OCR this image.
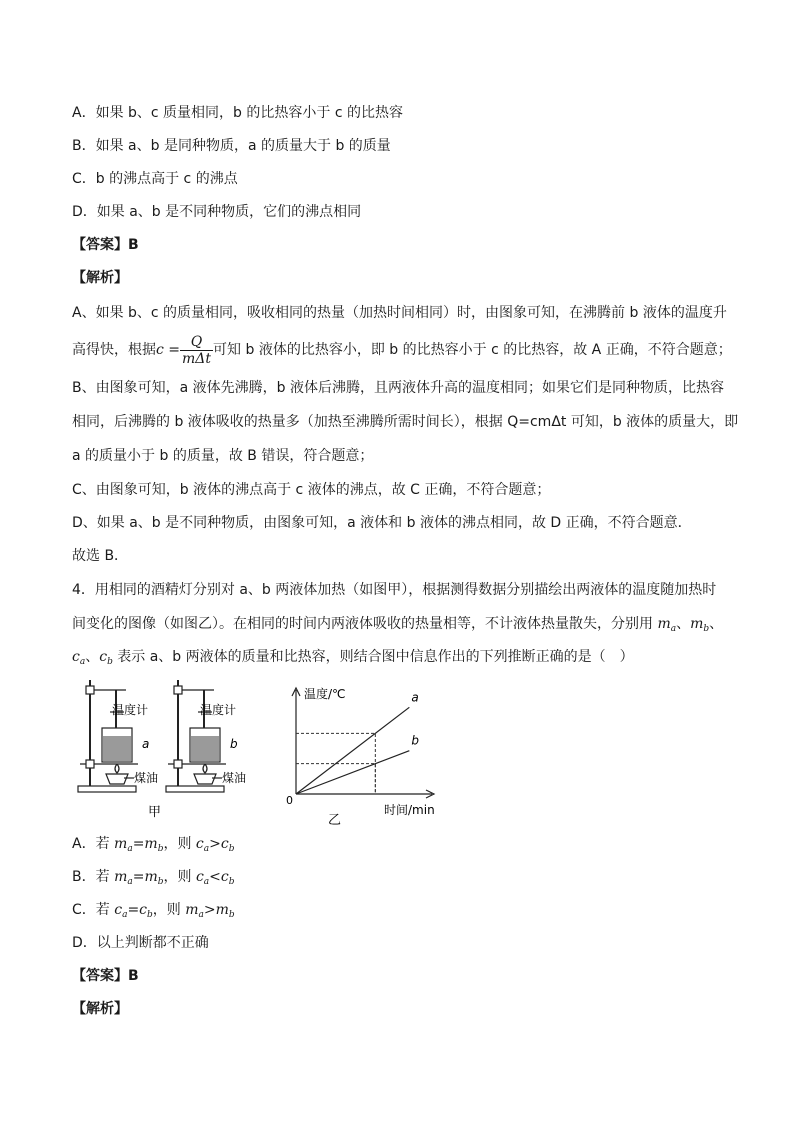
A．如果 b、c 质量相同，b 的比热容小于 c 的比热容
B．如果 a、b 是同种物质，a 的质量大于 b 的质量
C．b 的沸点高于 c 的沸点
D．如果 a、b 是不同种物质，它们的沸点相同
【答案】B
【解析】
A、如果 b、c 的质量相同，吸收相同的热量（加热时间相同）时，由图象可知，在沸腾前 b 液体的温度升
高得快，根据$c = \frac{Q}{\text{mΔt}}$ 可知 b 液体的比热容小，即 b 的比热容小于 c 的比热容，故 A 正确，不符合题意；
B、由图象可知，a 液体先沸腾，b 液体后沸腾，且两液体升高的温度相同；如果它们是同种物质，比热容
相同，后沸腾的 b 液体吸收的热量多（加热至沸腾所需时间长），根据 Q=cmΔt 可知，b 液体的质量大，即
a 的质量小于 b 的质量，故 B 错误，符合题意；
C、由图象可知，b 液体的沸点高于 c 液体的沸点，故 C 正确，不符合题意；
D、如果 a、b 是不同种物质，由图象可知，a 液体和 b 液体的沸点相同，故 D 正确，不符合题意．
故选 B．
4．用相同的酒精灯分别对 a、b 两液体加热（如图甲），根据测得数据分别描绘出两液体的温度随加热时
间变化的图像（如图乙）。在相同的时间内两液体吸收的热量相等，不计液体热量散失，分别用 $m_a$、$m_b$、
$c_a$、$c_b$ 表示 a、b 两液体的质量和比热容，则结合图中信息作出的下列推断正确的是（　）
温度计
a
煤油
温度计
b
煤油
甲
a
b
温度/℃
时间/min
0
乙
A．若 $m_a=m_b$，则 $c_a>c_b$
B．若 $m_a=m_b$，则 $c_a<c_b$
C．若 $c_a=c_b$，则 $m_a>m_b$
D．以上判断都不正确
【答案】B
【解析】
